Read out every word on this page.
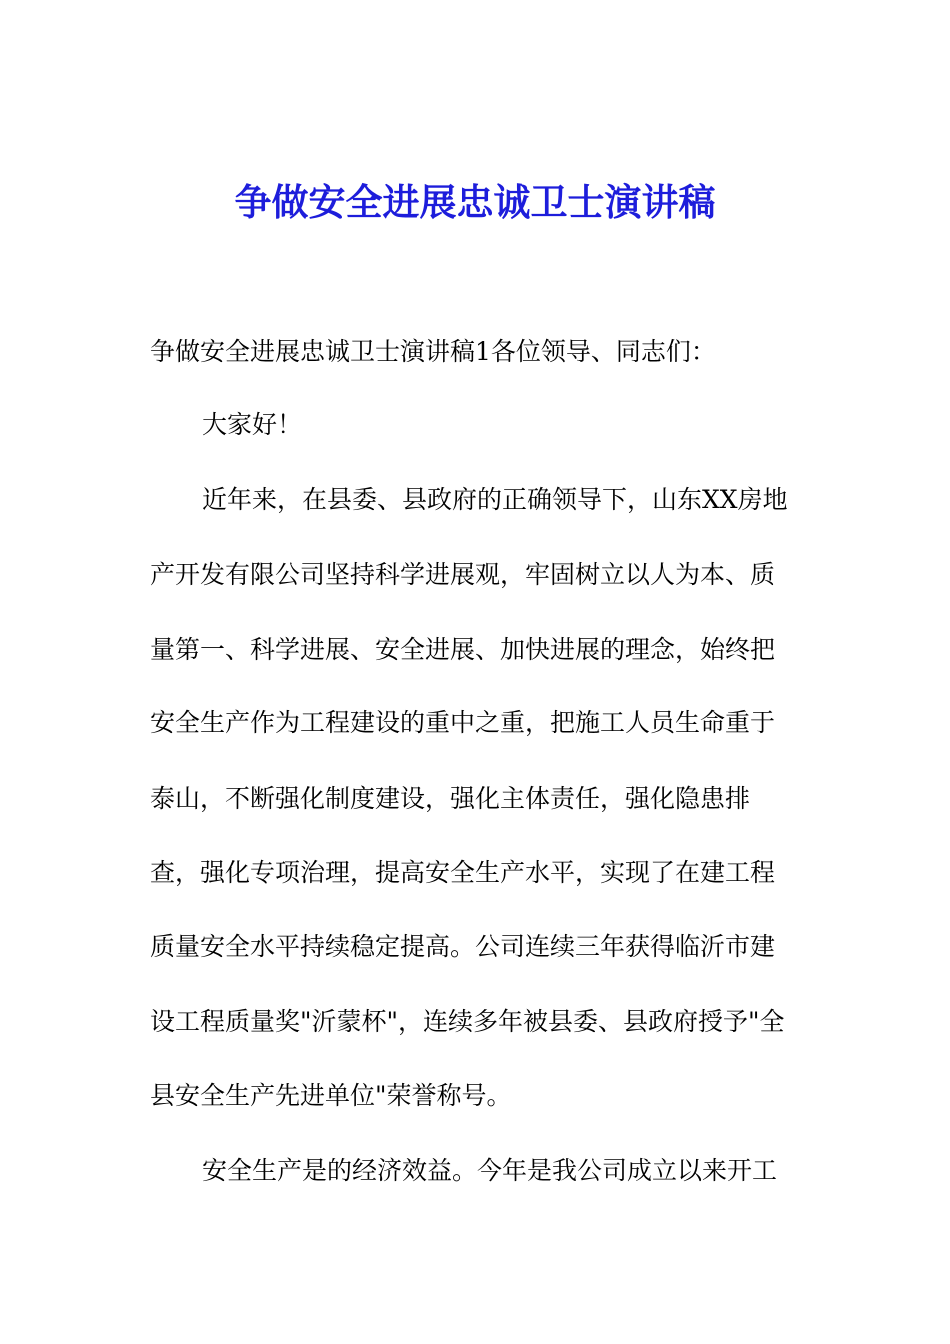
争做安全进展忠诚卫士演讲稿

争做安全进展忠诚卫士演讲稿1各位领导、同志们：

大家好！

近年来，在县委、县政府的正确领导下，山东XX房地

产开发有限公司坚持科学进展观，牢固树立以人为本、质

量第一、科学进展、安全进展、加快进展的理念，始终把

安全生产作为工程建设的重中之重，把施工人员生命重于

泰山，不断强化制度建设，强化主体责任，强化隐患排

查，强化专项治理，提高安全生产水平，实现了在建工程

质量安全水平持续稳定提高。公司连续三年获得临沂市建

设工程质量奖"沂蒙杯"，连续多年被县委、县政府授予"全

县安全生产先进单位"荣誉称号。

安全生产是的经济效益。今年是我公司成立以来开工
